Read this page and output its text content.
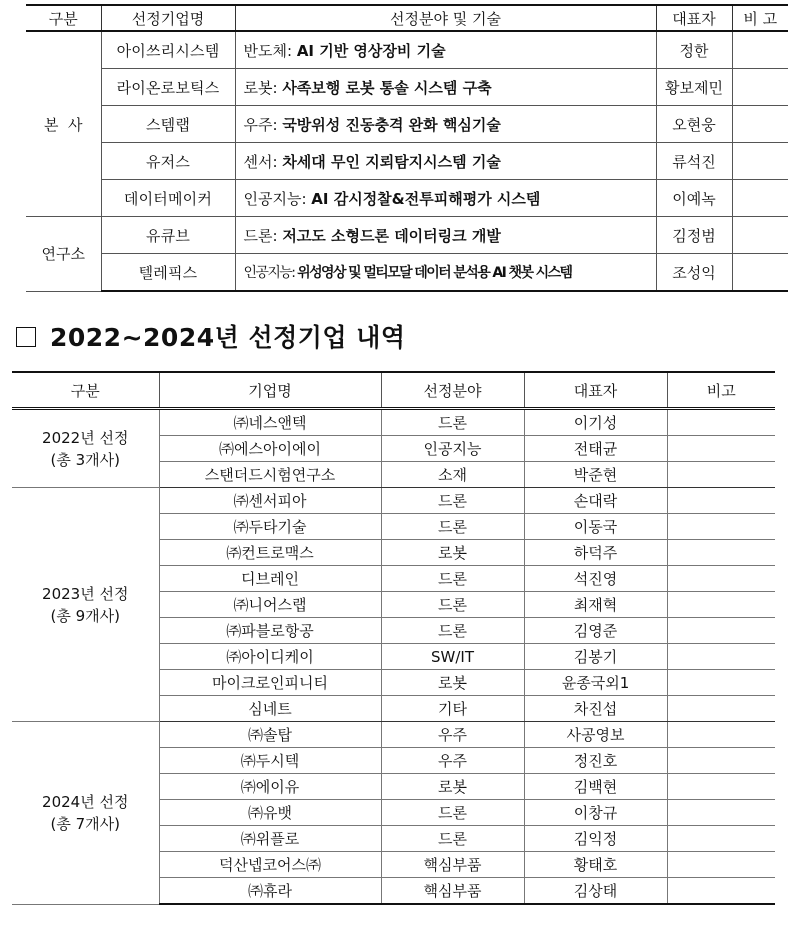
구분	선정기업명	선정분야 및 기술	대표자	비 고
본  사	아이쓰리시스템	반도체: AI 기반 영상장비 기술	정한	
	라이온로보틱스	로봇: 사족보행 로봇 통솔 시스템 구축	황보제민	
	스템랩	우주: 국방위성 진동충격 완화 핵심기술	오현웅	
	유저스	센서: 차세대 무인 지뢰탐지시스템 기술	류석진	
	데이터메이커	인공지능: AI 감시정찰&전투피해평가 시스템	이예녹	
연구소	유큐브	드론: 저고도 소형드론 데이터링크 개발	김정범	
	텔레픽스	인공지능: 위성영상 및 멀티모달 데이터 분석용 AI 챗봇 시스템	조성익	
2022~2024년 선정기업 내역
구분	기업명	선정분야	대표자	비고
2022년 선정
(총 3개사)	㈜네스앤텍	드론	이기성	
	㈜에스아이에이	인공지능	전태균	
	스탠더드시험연구소	소재	박준현	
2023년 선정
(총 9개사)	㈜센서피아	드론	손대락	
	㈜두타기술	드론	이동국	
	㈜컨트로맥스	로봇	하덕주	
	디브레인	드론	석진영	
	㈜니어스랩	드론	최재혁	
	㈜파블로항공	드론	김영준	
	㈜아이디케이	SW/IT	김봉기	
	마이크로인피니티	로봇	윤종국외1	
	심네트	기타	차진섭	
2024년 선정
(총 7개사)	㈜솔탑	우주	사공영보	
	㈜두시텍	우주	정진호	
	㈜에이유	로봇	김백현	
	㈜유뱃	드론	이창규	
	㈜위플로	드론	김익정	
	덕산넵코어스㈜	핵심부품	황태호	
	㈜휴라	핵심부품	김상태	
